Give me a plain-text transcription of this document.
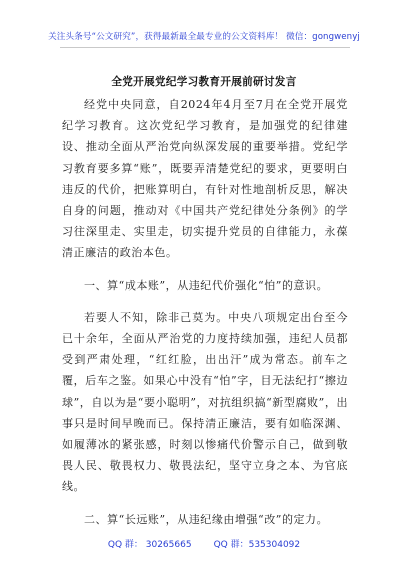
关注头条号“公文研究”，获得最新最全最专业的公文资料库！ 微信：gongwenyj
全党开展党纪学习教育开展前研讨发言

经党中央同意，自2024年4月至7月在全党开展党纪学习教育。这次党纪学习教育，是加强党的纪律建设、推动全面从严治党向纵深发展的重要举措。党纪学习教育要多算“账”，既要弄清楚党纪的要求，更要明白违反的代价，把账算明白，有针对性地剖析反思，解决自身的问题，推动对《中国共产党纪律处分条例》的学习往深里走、实里走，切实提升党员的自律能力，永葆清正廉洁的政治本色。

一、算“成本账”，从违纪代价强化“怕”的意识。

若要人不知，除非己莫为。中央八项规定出台至今已十余年，全面从严治党的力度持续加强，违纪人员都受到严肃处理，“红红脸，出出汗”成为常态。前车之覆，后车之鉴。如果心中没有“怕”字，目无法纪打“擦边球”，自以为是“要小聪明”，对抗组织搞“新型腐败”，出事只是时间早晚而已。保持清正廉洁，要有如临深渊、如履薄冰的紧张感，时刻以惨痛代价警示自己，做到敬畏人民、敬畏权力、敬畏法纪，坚守立身之本、为官底线。

二、算“长远账”，从违纪缘由增强“改”的定力。

QQ 群： 30265665 QQ 群：535304092
